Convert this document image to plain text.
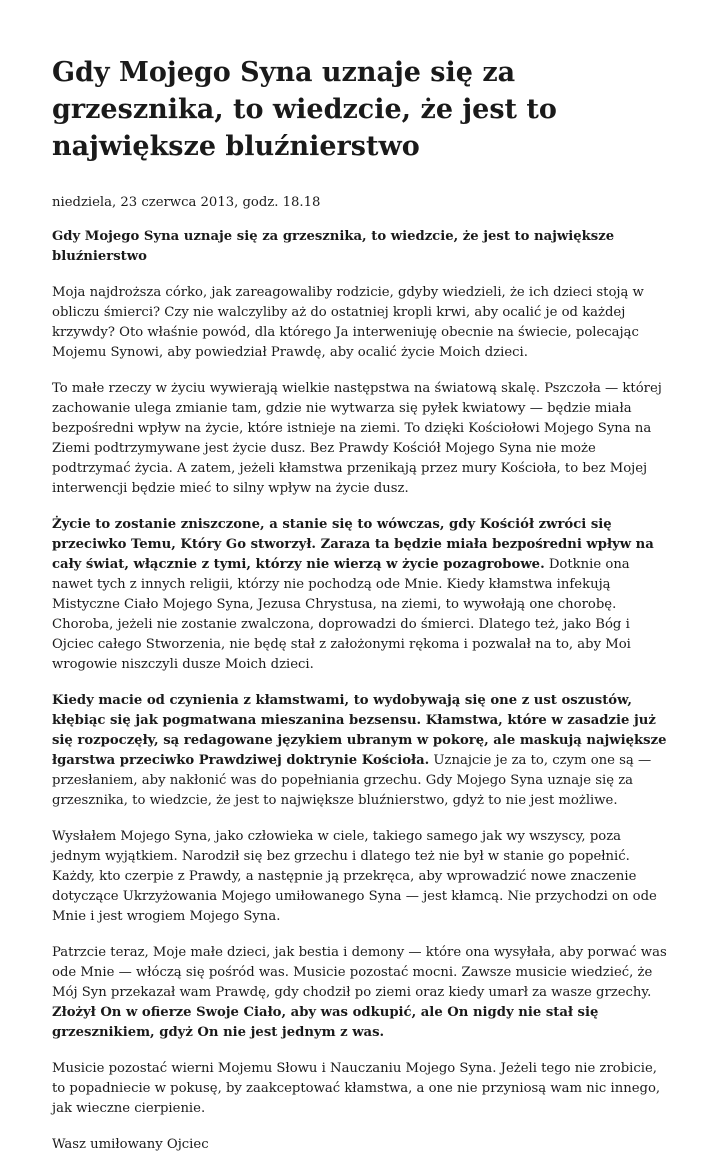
Gdy Mojego Syna uznaje się za grzesznika, to wiedzcie, że jest to największe bluźnierstwo
niedziela, 23 czerwca 2013, godz. 18.18
Gdy Mojego Syna uznaje się za grzesznika, to wiedzcie, że jest to największe bluźnierstwo

Moja najdroższa córko, jak zareagowaliby rodzicie, gdyby wiedzieli, że ich dzieci stoją w obliczu śmierci? Czy nie walczyliby aż do ostatniej kropli krwi, aby ocalić je od każdej krzywdy? Oto właśnie powód, dla którego Ja interweniuję obecnie na świecie, polecając Mojemu Synowi, aby powiedział Prawdę, aby ocalić życie Moich dzieci.

To małe rzeczy w życiu wywierają wielkie następstwa na światową skalę. Pszczoła — której zachowanie ulega zmianie tam, gdzie nie wytwarza się pyłek kwiatowy — będzie miała bezpośredni wpływ na życie, które istnieje na ziemi. To dzięki Kościołowi Mojego Syna na Ziemi podtrzymywane jest życie dusz. Bez Prawdy Kościół Mojego Syna nie może podtrzymać życia. A zatem, jeżeli kłamstwa przenikają przez mury Kościoła, to bez Mojej interwencji będzie mieć to silny wpływ na życie dusz.

Życie to zostanie zniszczone, a stanie się to wówczas, gdy Kościół zwróci się przeciwko Temu, Który Go stworzył. Zaraza ta będzie miała bezpośredni wpływ na cały świat, włącznie z tymi, którzy nie wierzą w życie pozagrobowe. Dotknie ona nawet tych z innych religii, którzy nie pochodzą ode Mnie. Kiedy kłamstwa infekują Mistyczne Ciało Mojego Syna, Jezusa Chrystusa, na ziemi, to wywołają one chorobę. Choroba, jeżeli nie zostanie zwalczona, doprowadzi do śmierci. Dlatego też, jako Bóg i Ojciec całego Stworzenia, nie będę stał z założonymi rękoma i pozwalał na to, aby Moi wrogowie niszczyli dusze Moich dzieci.

Kiedy macie od czynienia z kłamstwami, to wydobywają się one z ust oszustów, kłębiąc się jak pogmatwana mieszanina bezsensu. Kłamstwa, które w zasadzie już się rozpoczęły, są redagowane językiem ubranym w pokorę, ale maskują największe łgarstwa przeciwko Prawdziwej doktrynie Kościoła. Uznajcie je za to, czym one są — przesłaniem, aby nakłonić was do popełniania grzechu. Gdy Mojego Syna uznaje się za grzesznika, to wiedzcie, że jest to największe bluźnierstwo, gdyż to nie jest możliwe.

Wysłałem Mojego Syna, jako człowieka w ciele, takiego samego jak wy wszyscy, poza jednym wyjątkiem. Narodził się bez grzechu i dlatego też nie był w stanie go popełnić. Każdy, kto czerpie z Prawdy, a następnie ją przekręca, aby wprowadzić nowe znaczenie dotyczące Ukrzyżowania Mojego umiłowanego Syna — jest kłamcą. Nie przychodzi on ode Mnie i jest wrogiem Mojego Syna.

Patrzcie teraz, Moje małe dzieci, jak bestia i demony — które ona wysyłała, aby porwać was ode Mnie — włóczą się pośród was. Musicie pozostać mocni. Zawsze musicie wiedzieć, że Mój Syn przekazał wam Prawdę, gdy chodził po ziemi oraz kiedy umarł za wasze grzechy. Złożył On w ofierze Swoje Ciało, aby was odkupić, ale On nigdy nie stał się grzesznikiem, gdyż On nie jest jednym z was.

Musicie pozostać wierni Mojemu Słowu i Nauczaniu Mojego Syna. Jeżeli tego nie zrobicie, to popadniecie w pokusę, by zaakceptować kłamstwa, a one nie przyniosą wam nic innego, jak wieczne cierpienie.

Wasz umiłowany Ojciec
